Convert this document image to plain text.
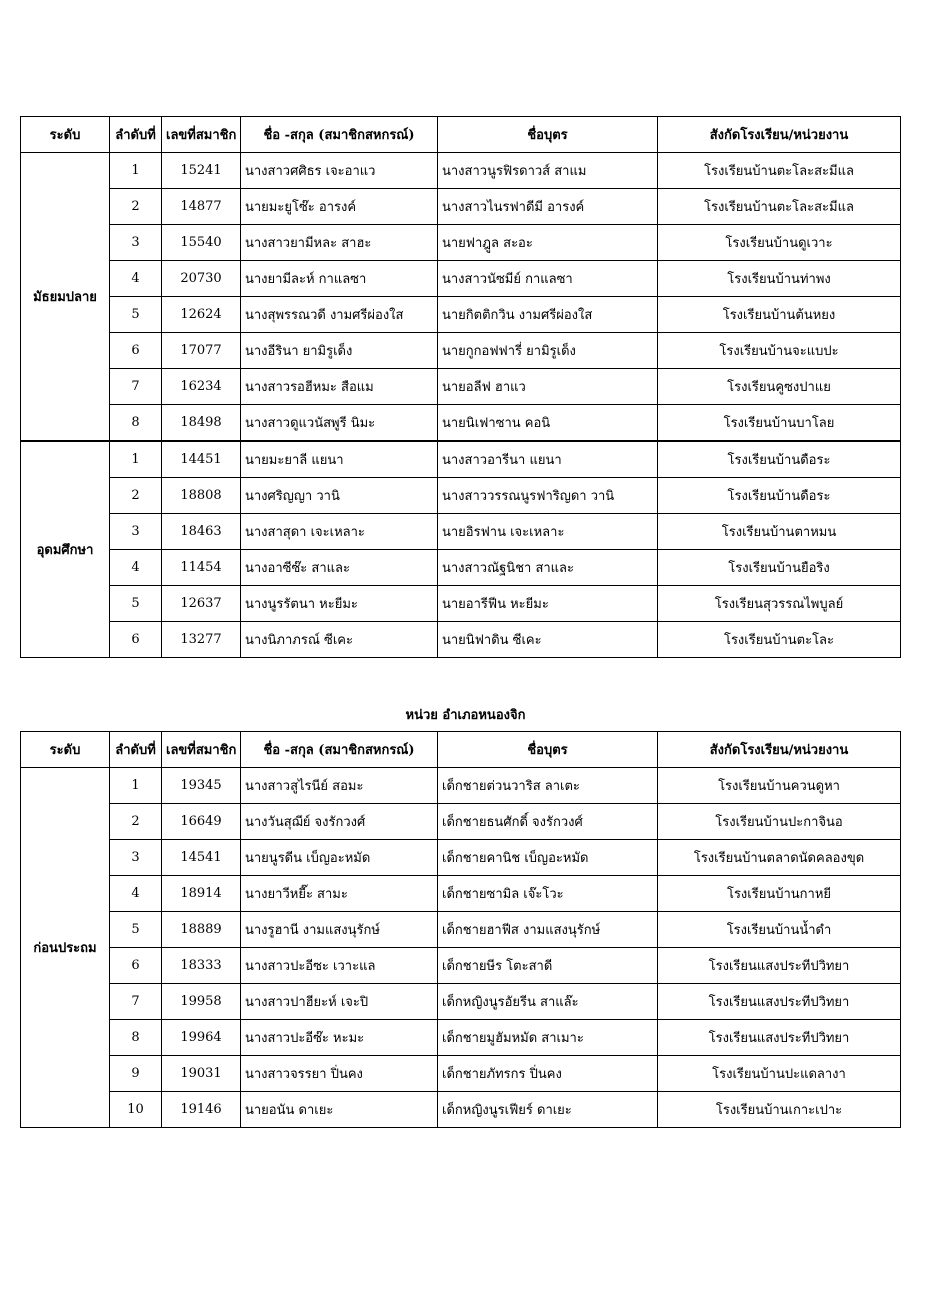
ระดับ	ลำดับที่	เลขที่สมาชิก	ชื่อ -สกุล (สมาชิกสหกรณ์)	ชื่อบุตร	สังกัดโรงเรียน/หน่วยงาน
มัธยมปลาย	1	15241	นางสาวศศิธร เจะอาแว	นางสาวนูรฟิรดาวส์ สาแม	โรงเรียนบ้านตะโละสะมีแล
	2	14877	นายมะยูโซ๊ะ อารงค์	นางสาวไนรฟาดีมี อารงค์	โรงเรียนบ้านตะโละสะมีแล
	3	15540	นางสาวยามีหละ สาฮะ	นายฟาฎูล สะอะ	โรงเรียนบ้านดูเวาะ
	4	20730	นางยามีละห์ กาแลซา	นางสาวนัซมีย์ กาแลซา	โรงเรียนบ้านท่าพง
	5	12624	นางสุพรรณวดี งามศรีผ่องใส	นายกิตติกวิน งามศรีผ่องใส	โรงเรียนบ้านต้นหยง
	6	17077	นางอีรินา ยามิรูเด็ง	นายกูกอฟฟารี่ ยามิรูเด็ง	โรงเรียนบ้านจะแบปะ
	7	16234	นางสาวรอฮีหมะ สือแม	นายอลีฟ ฮาแว	โรงเรียนคูซงปาแย
	8	18498	นางสาวดูแวนัสพูรี นิมะ	นายนิเฟาซาน คอนิ	โรงเรียนบ้านบาโลย
อุดมศึกษา	1	14451	นายมะยาลี แยนา	นางสาวอารีนา แยนา	โรงเรียนบ้านดือระ
	2	18808	นางศริญญา วานิ	นางสาววรรณนูรฟาริญดา วานิ	โรงเรียนบ้านดือระ
	3	18463	นางสาสุดา เจะเหลาะ	นายอิรฟาน เจะเหลาะ	โรงเรียนบ้านตาหมน
	4	11454	นางอาซีซ๊ะ สาและ	นางสาวณัฐนิชา สาและ	โรงเรียนบ้านยือริง
	5	12637	นางนูรรัตนา หะยีมะ	นายอารีฟีน หะยีมะ	โรงเรียนสุวรรณไพบูลย์
	6	13277	นางนิภาภรณ์ ซีเคะ	นายนิฟาดิน ซีเคะ	โรงเรียนบ้านตะโละ
หน่วย อำเภอหนองจิก
ระดับ	ลำดับที่	เลขที่สมาชิก	ชื่อ -สกุล (สมาชิกสหกรณ์)	ชื่อบุตร	สังกัดโรงเรียน/หน่วยงาน
ก่อนประถม	1	19345	นางสาวสูไรนีย์ สอมะ	เด็กชายต่วนวาริส ลาเตะ	โรงเรียนบ้านควนดูหา
	2	16649	นางวันสุฌีย์ จงรักวงศ์	เด็กชายธนศักดิ์ จงรักวงศ์	โรงเรียนบ้านปะกาจินอ
	3	14541	นายนูรดีน เบ็ญอะหมัด	เด็กชายคานิช เบ็ญอะหมัด	โรงเรียนบ้านตลาดนัดคลองขุด
	4	18914	นางยาวีหยี๊ะ สามะ	เด็กชายซามิล เจ๊ะโวะ	โรงเรียนบ้านกาหยี
	5	18889	นางรูฮานี งามแสงนุรักษ์	เด็กชายฮาฟีส งามแสงนุรักษ์	โรงเรียนบ้านน้ำดำ
	6	18333	นางสาวปะอีซะ เวาะแล	เด็กชายษีร โตะสาดี	โรงเรียนแสงประทีปวิทยา
	7	19958	นางสาวปาฮียะห์ เจะปิ	เด็กหญิงนูรอัยรีน สาแล๊ะ	โรงเรียนแสงประทีปวิทยา
	8	19964	นางสาวปะอีซ๊ะ หะมะ	เด็กชายมูฮัมหมัด สาเมาะ	โรงเรียนแสงประทีปวิทยา
	9	19031	นางสาวจรรยา ปิ่นคง	เด็กชายภัทรกร ปิ่นคง	โรงเรียนบ้านปะแดลางา
	10	19146	นายอนัน ดาเยะ	เด็กหญิงนูรเฟียร์ ดาเยะ	โรงเรียนบ้านเกาะเปาะ
